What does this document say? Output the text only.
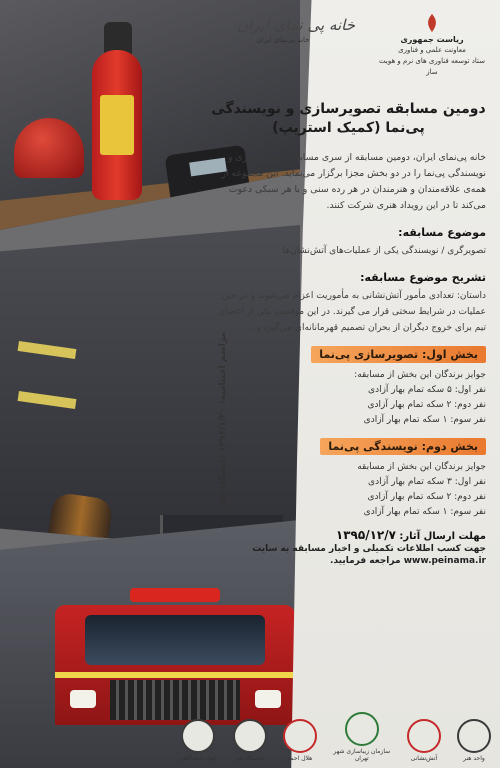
ریاست جمهوری
معاونت علمی و فناوری
ستاد توسعه فناوری های نرم و هویت ساز
خانه پی نمای ایران
خانه پی‌نمای ایران
دومین مسابقه تصویرسازی و نویسندگی پی‌نما (کمیک استریپ)
خانه پی‌نمای ایران، دومین مسابقه از سری مسابقات تصویرسازی و نویسندگی پی‌نما را در دو بخش مجزا برگزار می‌نماید. این مجموعه از همه‌ی علاقه‌مندان و هنرمندان در هر رده سنی و با هر سبکی دعوت می‌کند تا در این رویداد هنری شرکت کنند.
موضوع مسابقه:
تصویرگری / نویسندگی یکی از عملیات‌های آتش‌نشان‌ها
تشریح موضوع مسابقه:
داستان: تعدادی مأمور آتش‌نشانی به مأموریت اعزام می‌شوند و در حین عملیات در شرایط سختی قرار می گیرند. در این موقعیت یکی از اعضای تیم برای خروج دیگران از بحران تصمیم قهرمانانه‌ای می‌گیرد و ...
بخش اول: تصویرسازی پی‌نما
جوایز برندگان این بخش از مسابقه:
نفر اول: ۵ سکه تمام بهار آزادی
نفر دوم: ۲ سکه تمام بهار آزادی
نفر سوم: ۱ سکه تمام بهار آزادی
بخش دوم: نویسندگی پی‌نما
جوایز برندگان این بخش از مسابقه
نفر اول: ۳ سکه تمام بهار آزادی
نفر دوم: ۲ سکه تمام بهار آزادی
نفر سوم: ۱ سکه تمام بهار آزادی
مهلت ارسال آثار: ۱۳۹۵/۱۲/۷
جهت کسب اطلاعات تکمیلی و اخبار مسابقه به سایت
www.peinama.ir مراجعه فرمایید.
مراسم اختتامیه: ۱۳۹۶/۱/۲۰ دانشگاه هنر
جهاد دانشگاهی	دانشگاه هنر	هلال احمر
سازمان زیباسازی شهر تهران	آتش‌نشانی	واحد هنر
